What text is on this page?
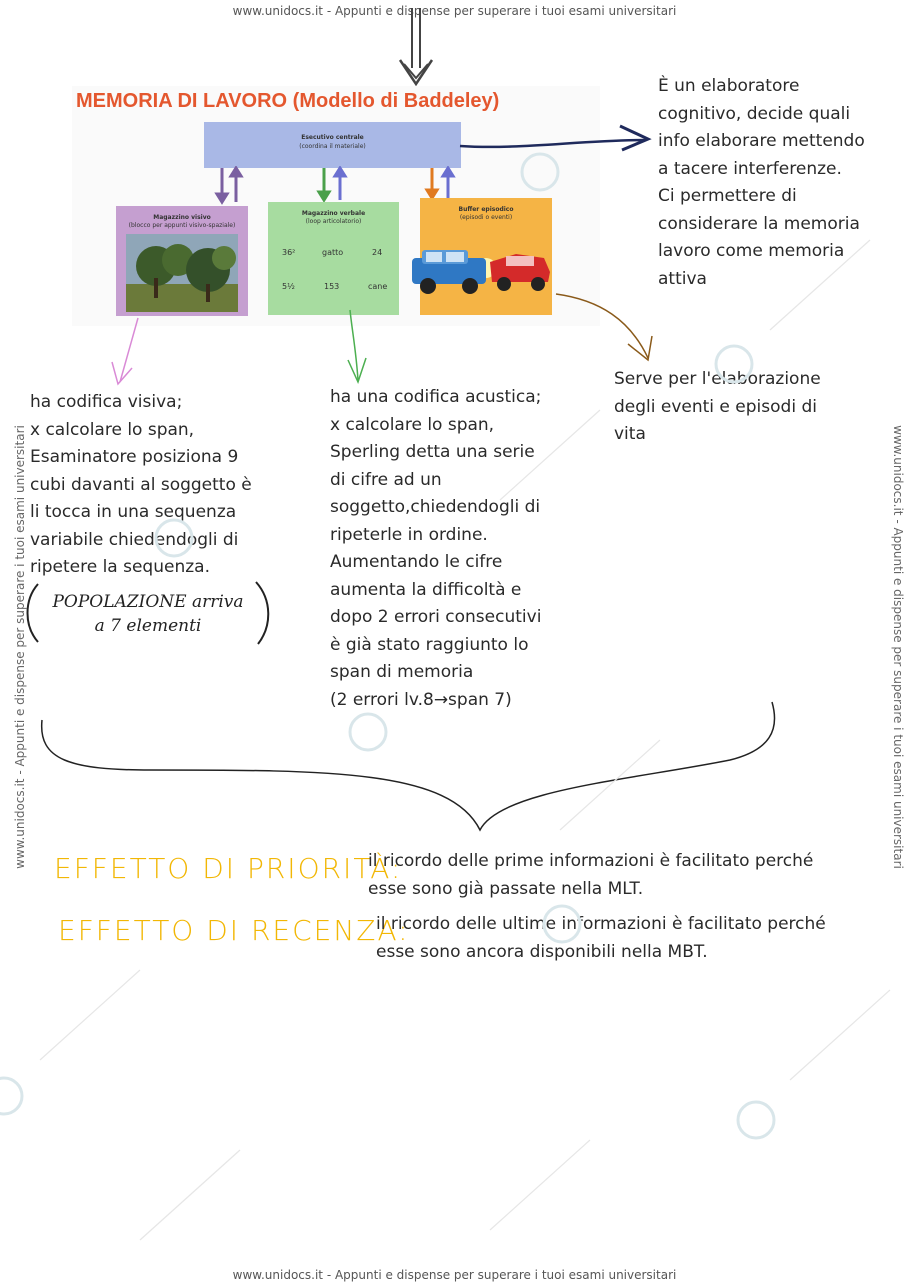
www.unidocs.it - Appunti e dispense per superare i tuoi esami universitari
www.unidocs.it - Appunti e dispense per superare i tuoi esami universitari
www.unidocs.it - Appunti e dispense per superare i tuoi esami universitari	www.unidocs.it - Appunti e dispense per superare i tuoi esami universitari
MEMORIA DI LAVORO (Modello di Baddeley)
Esecutivo centrale
(coordina il materiale)
Magazzino visivo
(blocco per appunti visivo-spaziale)
Magazzino verbale
(loop articolatorio)
36²	gatto	24
5½	153	cane
Buffer episodico
(episodi o eventi)
È un elaboratore
cognitivo, decide quali
info elaborare mettendo
a tacere interferenze.
Ci permettere di
considerare la memoria
lavoro come memoria
attiva
Serve per l'elaborazione
degli eventi e episodi di
vita
ha codifica visiva;
x calcolare lo span,
Esaminatore posiziona 9
cubi davanti al soggetto è
li tocca in una sequenza
variabile chiedendogli di
ripetere la sequenza.
POPOLAZIONE arriva
a 7 elementi
ha una codifica acustica;
x calcolare lo span,
Sperling detta una serie
di cifre ad un
soggetto,chiedendogli di
ripeterle in ordine.
Aumentando le cifre
aumenta la difficoltà e
dopo 2 errori consecutivi
è già stato raggiunto lo
span di memoria
(2 errori lv.8→span 7)
EFFETTO DI PRIORITÀ:
il ricordo delle prime informazioni è facilitato perché
esse sono già passate nella MLT.
EFFETTO DI RECENZA:
il ricordo delle ultime informazioni è facilitato perché
esse sono ancora disponibili nella MBT.
